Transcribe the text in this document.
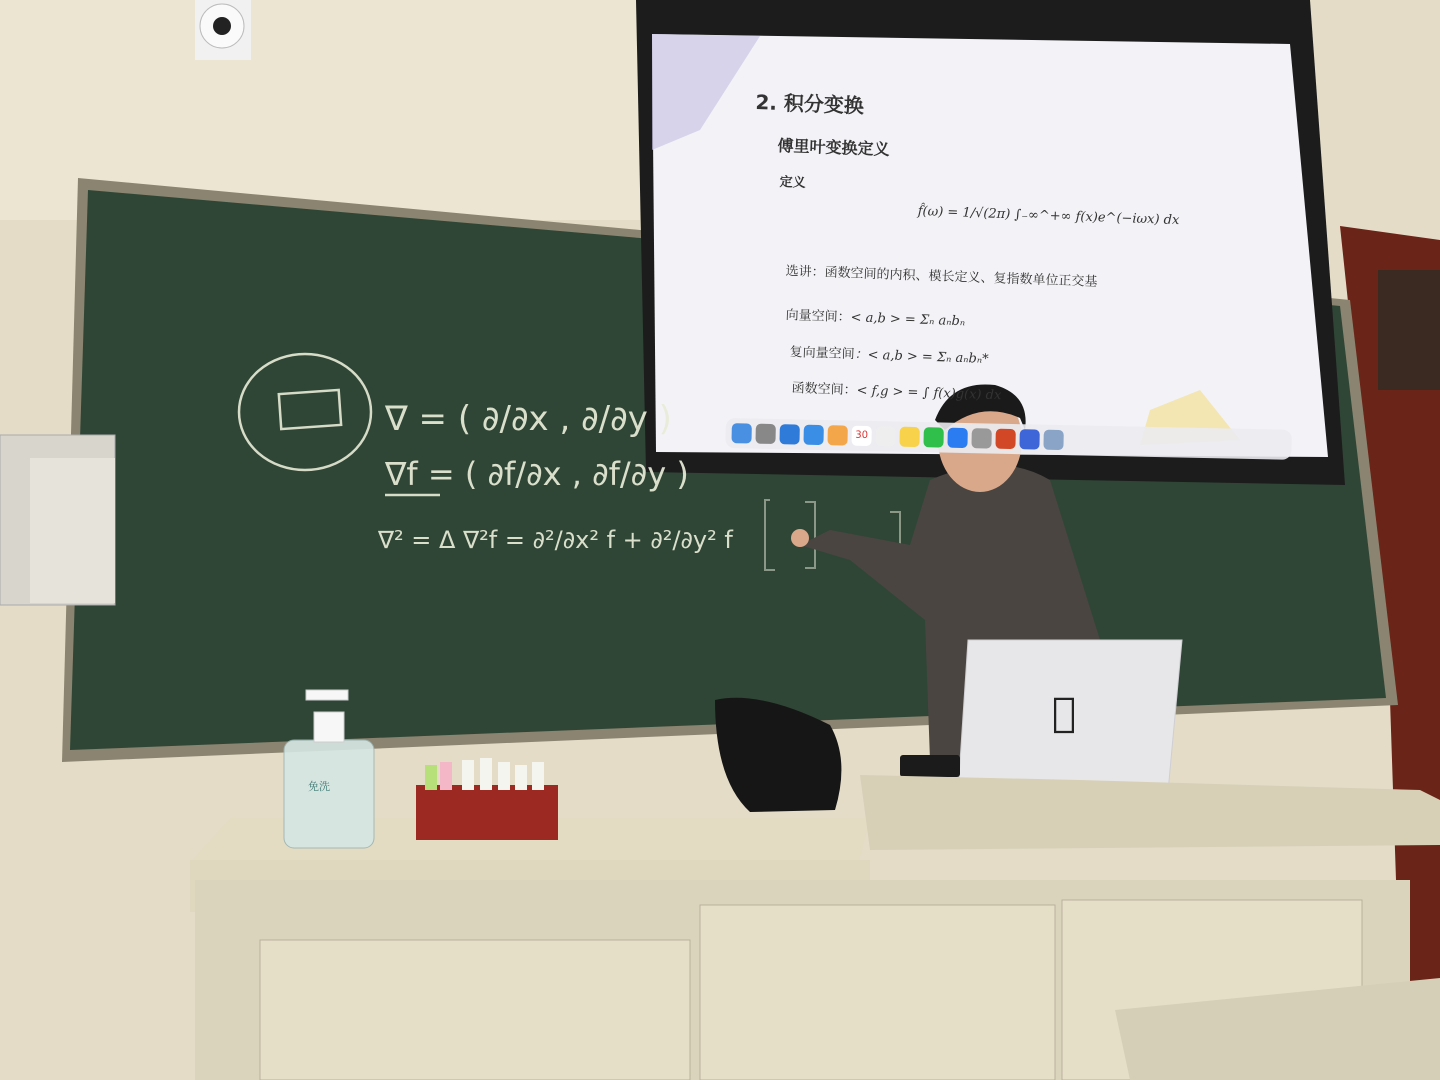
∇ = ( ∂/∂x , ∂/∂y )
∇f = ( ∂f/∂x , ∂f/∂y )
∇² = Δ ∇²f = ∂²/∂x² f + ∂²/∂y² f
免洗
2. 积分变换
傅里叶变换定义
定义
f̂(ω) = 1/√(2π) ∫₋∞^+∞ f(x)e^(−iωx) dx
选讲：函数空间的内积、模长定义、复指数单位正交基
向量空间：< a,b > = Σₙ aₙbₙ
复向量空间：< a,b > = Σₙ aₙbₙ*
函数空间：< f,g > = ∫ f(x)g(x) dx
30
